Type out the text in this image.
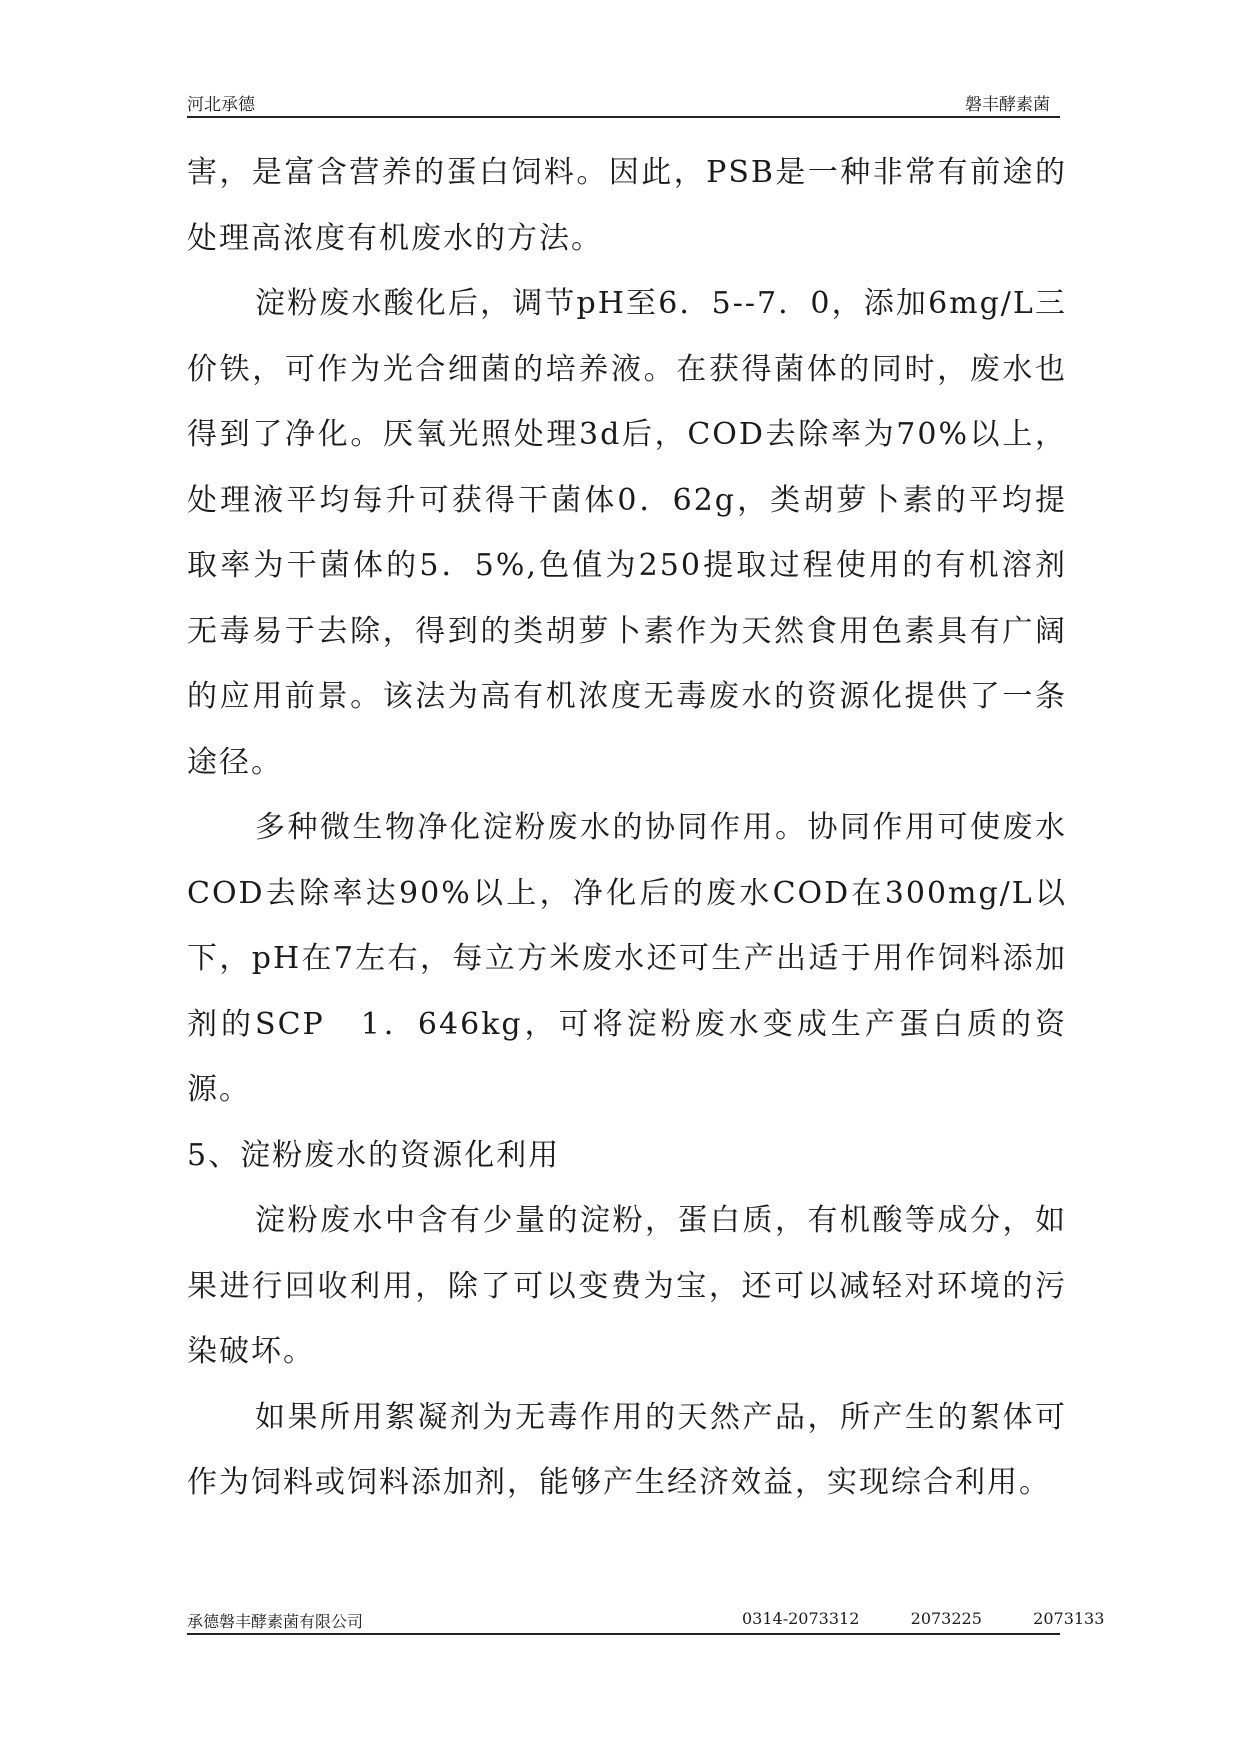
河北承德	磐丰酵素菌

害，是富含营养的蛋白饲料。因此，PSB是一种非常有前途的处理高浓度有机废水的方法。

淀粉废水酸化后，调节pH至6．5--7．0，添加6mg/L三价铁，可作为光合细菌的培养液。在获得菌体的同时，废水也得到了净化。厌氧光照处理3d后，COD去除率为70%以上，处理液平均每升可获得干菌体0．62g，类胡萝卜素的平均提取率为干菌体的5．5%,色值为250提取过程使用的有机溶剂无毒易于去除，得到的类胡萝卜素作为天然食用色素具有广阔的应用前景。该法为高有机浓度无毒废水的资源化提供了一条途径。

多种微生物净化淀粉废水的协同作用。协同作用可使废水COD去除率达90%以上，净化后的废水COD在300mg/L以下，pH在7左右，每立方米废水还可生产出适于用作饲料添加剂的SCP　1．646kg，可将淀粉废水变成生产蛋白质的资源。

5、淀粉废水的资源化利用

淀粉废水中含有少量的淀粉，蛋白质，有机酸等成分，如果进行回收利用，除了可以变费为宝，还可以减轻对环境的污染破坏。

如果所用絮凝剂为无毒作用的天然产品，所产生的絮体可作为饲料或饲料添加剂，能够产生经济效益，实现综合利用。

承德磐丰酵素菌有限公司	0314-2073312   2073225   2073133
